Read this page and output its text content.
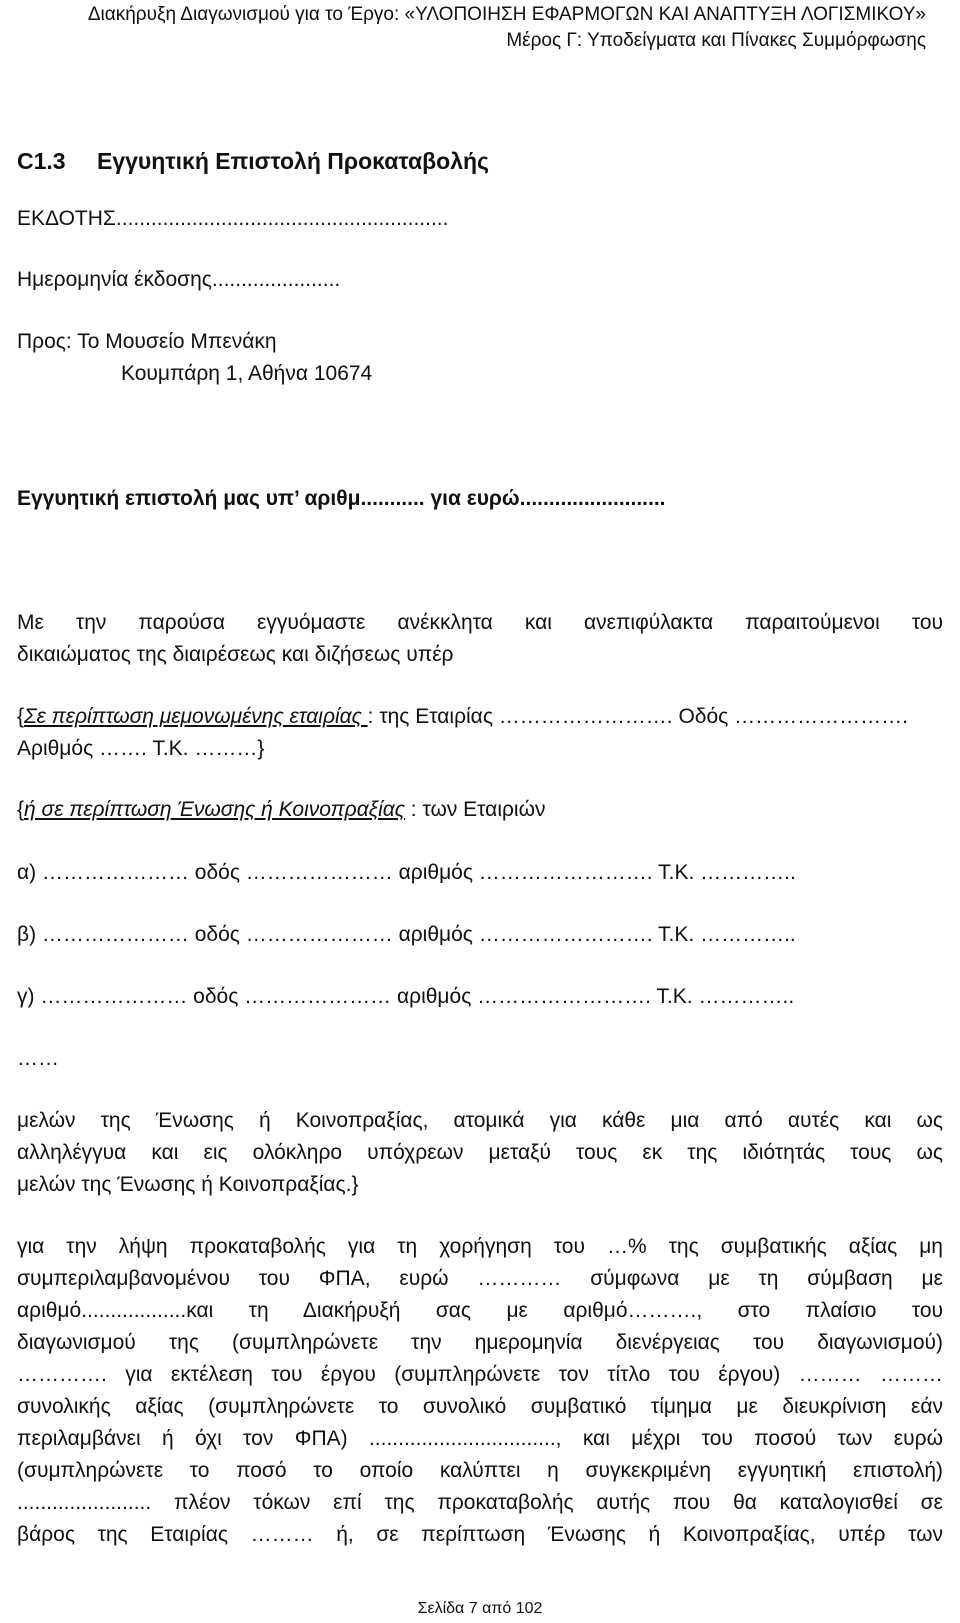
Διακήρυξη Διαγωνισμού για το Έργο: «ΥΛΟΠΟΙΗΣΗ ΕΦΑΡΜΟΓΩΝ ΚΑΙ ΑΝΑΠΤΥΞΗ ΛΟΓΙΣΜΙΚΟΥ»
Μέρος Γ: Υποδείγματα και Πίνακες Συμμόρφωσης
C1.3 Εγγυητική Επιστολή Προκαταβολής
ΕΚΔΟΤΗΣ.........................................................
Ημερομηνία έκδοσης......................
Προς: Το Μουσείο Μπενάκη
Κουμπάρη 1, Αθήνα 10674
Εγγυητική επιστολή μας υπ’ αριθμ........... για ευρώ.........................
Με την παρούσα εγγυόμαστε ανέκκλητα και ανεπιφύλακτα παραιτούμενοι του
δικαιώματος της διαιρέσεως και διζήσεως υπέρ
{Σε περίπτωση μεμονωμένης εταιρίας : της Εταιρίας ……………………. Οδός …………………….
Αριθμός ……. Τ.Κ. ………}
{ή σε περίπτωση Ένωσης ή Κοινοπραξίας : των Εταιριών
α) ………………… οδός ………………… αριθμός ……………………. Τ.Κ. …………..
β) ………………… οδός ………………… αριθμός ……………………. Τ.Κ. …………..
γ) ………………… οδός ………………… αριθμός ……………………. Τ.Κ. …………..
……
μελών της Ένωσης ή Κοινοπραξίας, ατομικά για κάθε μια από αυτές και ως
αλληλέγγυα και εις ολόκληρο υπόχρεων μεταξύ τους εκ της ιδιότητάς τους ως
μελών της Ένωσης ή Κοινοπραξίας.}
για την λήψη προκαταβολής για τη χορήγηση του …% της συμβατικής αξίας μη
συμπεριλαμβανομένου του ΦΠΑ, ευρώ ………… σύμφωνα με τη σύμβαση με
αριθμό..................και τη Διακήρυξή σας με αριθμό………., στο πλαίσιο του
διαγωνισμού της (συμπληρώνετε την ημερομηνία διενέργειας του διαγωνισμού)
…………. για εκτέλεση του έργου (συμπληρώνετε τον τίτλο του έργου) ……… ………
συνολικής αξίας (συμπληρώνετε το συνολικό συμβατικό τίμημα με διευκρίνιση εάν
περιλαμβάνει ή όχι τον ΦΠΑ) ................................, και μέχρι του ποσού των ευρώ
(συμπληρώνετε το ποσό το οποίο καλύπτει η συγκεκριμένη εγγυητική επιστολή)
....................... πλέον τόκων επί της προκαταβολής αυτής που θα καταλογισθεί σε
βάρος της Εταιρίας ……… ή, σε περίπτωση Ένωσης ή Κοινοπραξίας, υπέρ των
Σελίδα 7 από 102
